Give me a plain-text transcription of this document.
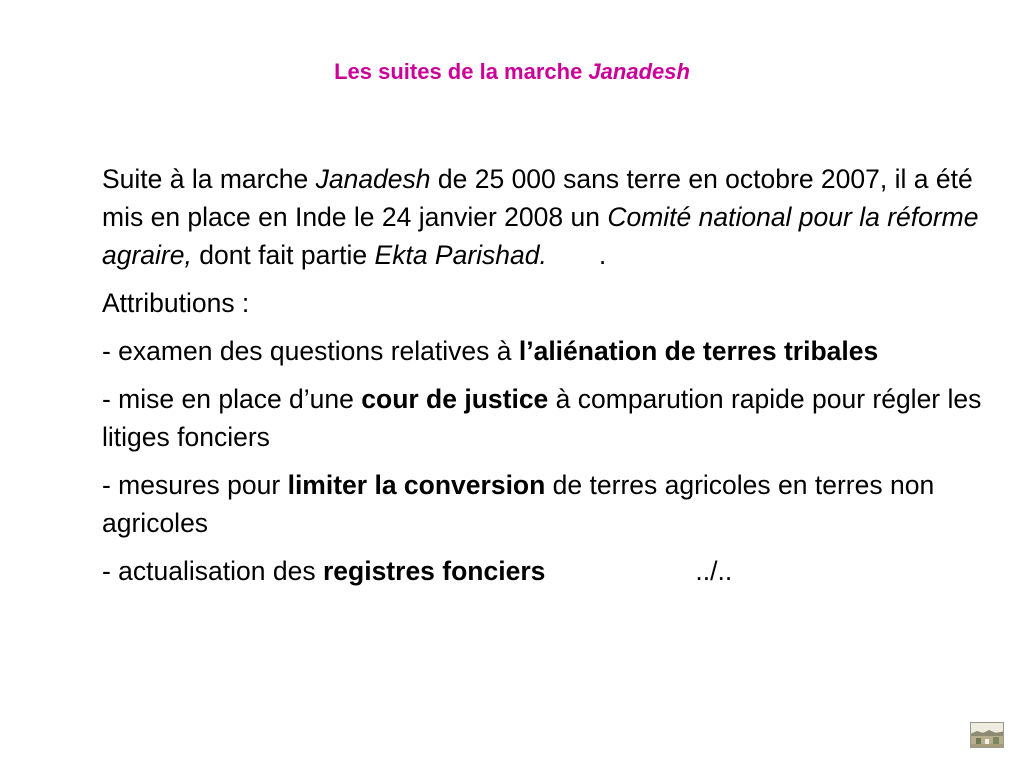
Les suites de la marche Janadesh

Suite à la marche Janadesh de 25 000 sans terre en octobre 2007, il a été mis en place en Inde le 24 janvier 2008 un Comité national pour la réforme agraire, dont fait partie Ekta Parishad. .

Attributions :

- examen des questions relatives à l’aliénation de terres tribales

- mise en place d’une cour de justice à comparution rapide pour régler les litiges fonciers

- mesures pour limiter la conversion de terres agricoles en terres non agricoles

- actualisation des registres fonciers	../..
